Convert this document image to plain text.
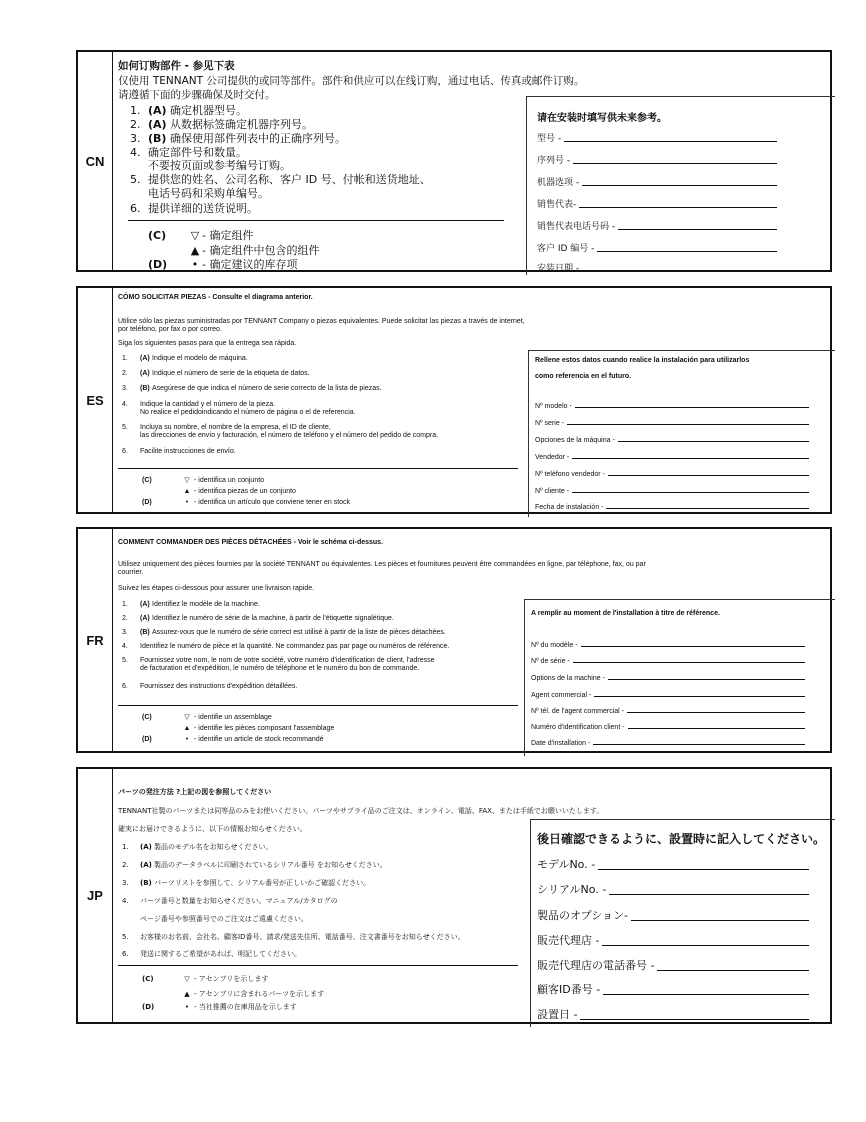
CN
如何订购部件 - 参见下表
仅使用 TENNANT 公司提供的或同等部件。部件和供应可以在线订购，通过电话、传真或邮件订购。
请遵循下面的步骤确保及时交付。
1. (A) 确定机器型号。
2. (A) 从数据标签确定机器序列号。
3. (B) 确保使用部件列表中的正确序列号。
4. 确定部件号和数量。
不要按页面或参考编号订购。
5. 提供您的姓名、公司名称、客户 ID 号、付帐和送货地址、
电话号码和采购单编号。
6. 提供详细的送货说明。
(C) ▽ - 确定组件
▲ - 确定组件中包含的组件
(D) • - 确定建议的库存项
请在安装时填写供未来参考。
型号 -
序列号 -
机器选项 -
销售代表-
销售代表电话号码 -
客户 ID 编号 -
安装日期 -
ES
CÓMO SOLICITAR PIEZAS - Consulte el diagrama anterior.
Utilice sólo las piezas suministradas por TENNANT Company o piezas equivalentes. Puede solicitar las piezas a través de internet,
por teléfono, por fax o por correo.
Siga los siguientes pasos para que la entrega sea rápida.
1. (A) Indique el modelo de máquina.
2. (A) Indique el número de serie de la etiqueta de datos.
3. (B) Asegúrese de que indica el número de serie correcto de la lista de piezas.
4. Indique la cantidad y el número de la pieza.
No realice el pedidoindicando el número de página o el de referencia.
5. Incluya su nombre, el nombre de la empresa, el ID de cliente,
las direcciones de envío y facturación, el número de teléfono y el número del pedido de compra.
6. Facilite instrucciones de envío.
(C)	▽ - identifica un conjunto
▲ - identifica piezas de un conjunto
(D)	• - identifica un artículo que conviene tener en stock
Rellene estos datos cuando realice la instalación para utilizarlos
como referencia en el futuro.
Nº modelo -
Nº serie -
Opciones de la máquina -
Vendedor -
Nº teléfono vendedor -
Nº cliente -
Fecha de instalación -
FR
COMMENT COMMANDER DES PIÈCES DÉTACHÉES - Voir le schéma ci-dessus.
Utilisez uniquement des pièces fournies par la société TENNANT ou équivalentes. Les pièces et fournitures peuvent être commandées en ligne, par téléphone, fax, ou par
courrier.
Suivez les étapes ci-dessous pour assurer une livraison rapide.
1. (A) Identifiez le modèle de la machine.
2. (A) Identifiez le numéro de série de la machine, à partir de l'étiquette signalétique.
3. (B) Assurez-vous que le numéro de série correct est utilisé à partir de la liste de pièces détachées.
4. Identifiez le numéro de pièce et la quantité. Ne commandez pas par page ou numéros de référence.
5. Fournissez votre nom, le nom de votre société, votre numéro d'identification de client, l'adresse
de facturation et d'expédition, le numéro de téléphone et le numéro du bon de commande.
6. Fournissez des instructions d'expédition détaillées.
(C)	▽ - identifie un assemblage
▲ - identifie les pièces composant l'assemblage
(D)	• - identifie un article de stock recommandé
A remplir au moment de l'installation à titre de référence.
Nº du modèle -
Nº de série -
Options de la machine -
Agent commercial -
Nº tél. de l'agent commercial -
Numéro d'identification client -
Date d'installation -
JP
パーツの発注方法 ?上記の図を参照してください
TENNANT社製のパーツまたは同等品のみをお使いください。パーツやサプライ品のご注文は、オンライン、電話、FAX、または手紙でお願いいたします。
確実にお届けできるように、以下の情報お知らせください。
1. (A) 製品のモデル名をお知らせください。
2. (A) 製品のデータラベルに印刷されているシリアル番号 をお知らせください。
3. (B) パーツリストを参照して、シリアル番号が正しいかご確認ください。
4. パーツ番号と数量をお知らせください。マニュアル/カタログの
ページ番号や参照番号でのご注文はご遠慮ください。
5. お客様のお名前、会社名、顧客ID番号、請求/発送先住所、電話番号、注文書番号をお知らせください。
6. 発送に関するご希望があれば、明記してください。
(C)	▽ - アセンブリを示します
▲ - アセンブリに含まれるパーツを示します
(D)	• - 当社推薦の在庫用品を示します
後日確認できるように、設置時に記入してください。
モデルNo. -
シリアルNo. -
製品のオプション-
販売代理店 -
販売代理店の電話番号 -
顧客ID番号 -
設置日 -
